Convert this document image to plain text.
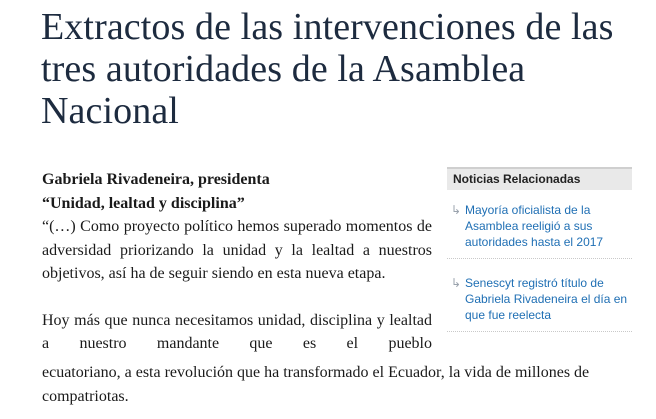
Extractos de las intervenciones de las tres autoridades de la Asamblea Nacional
Gabriela Rivadeneira, presidenta
“Unidad, lealtad y disciplina”

“(…) Como proyecto político hemos superado momentos de adversidad priorizando la unidad y la lealtad a nuestros objetivos, así ha de seguir siendo en esta nueva etapa.

Hoy más que nunca necesitamos unidad, disciplina y lealtad a nuestro mandante que es el pueblo

ecuatoriano, a esta revolución que ha transformado el Ecuador, la vida de millones de compatriotas.

Noticias Relacionadas
↳ Mayoría oficialista de la Asamblea reeligió a sus autoridades hasta el 2017
↳ Senescyt registró título de Gabriela Rivadeneira el día en que fue reelecta
